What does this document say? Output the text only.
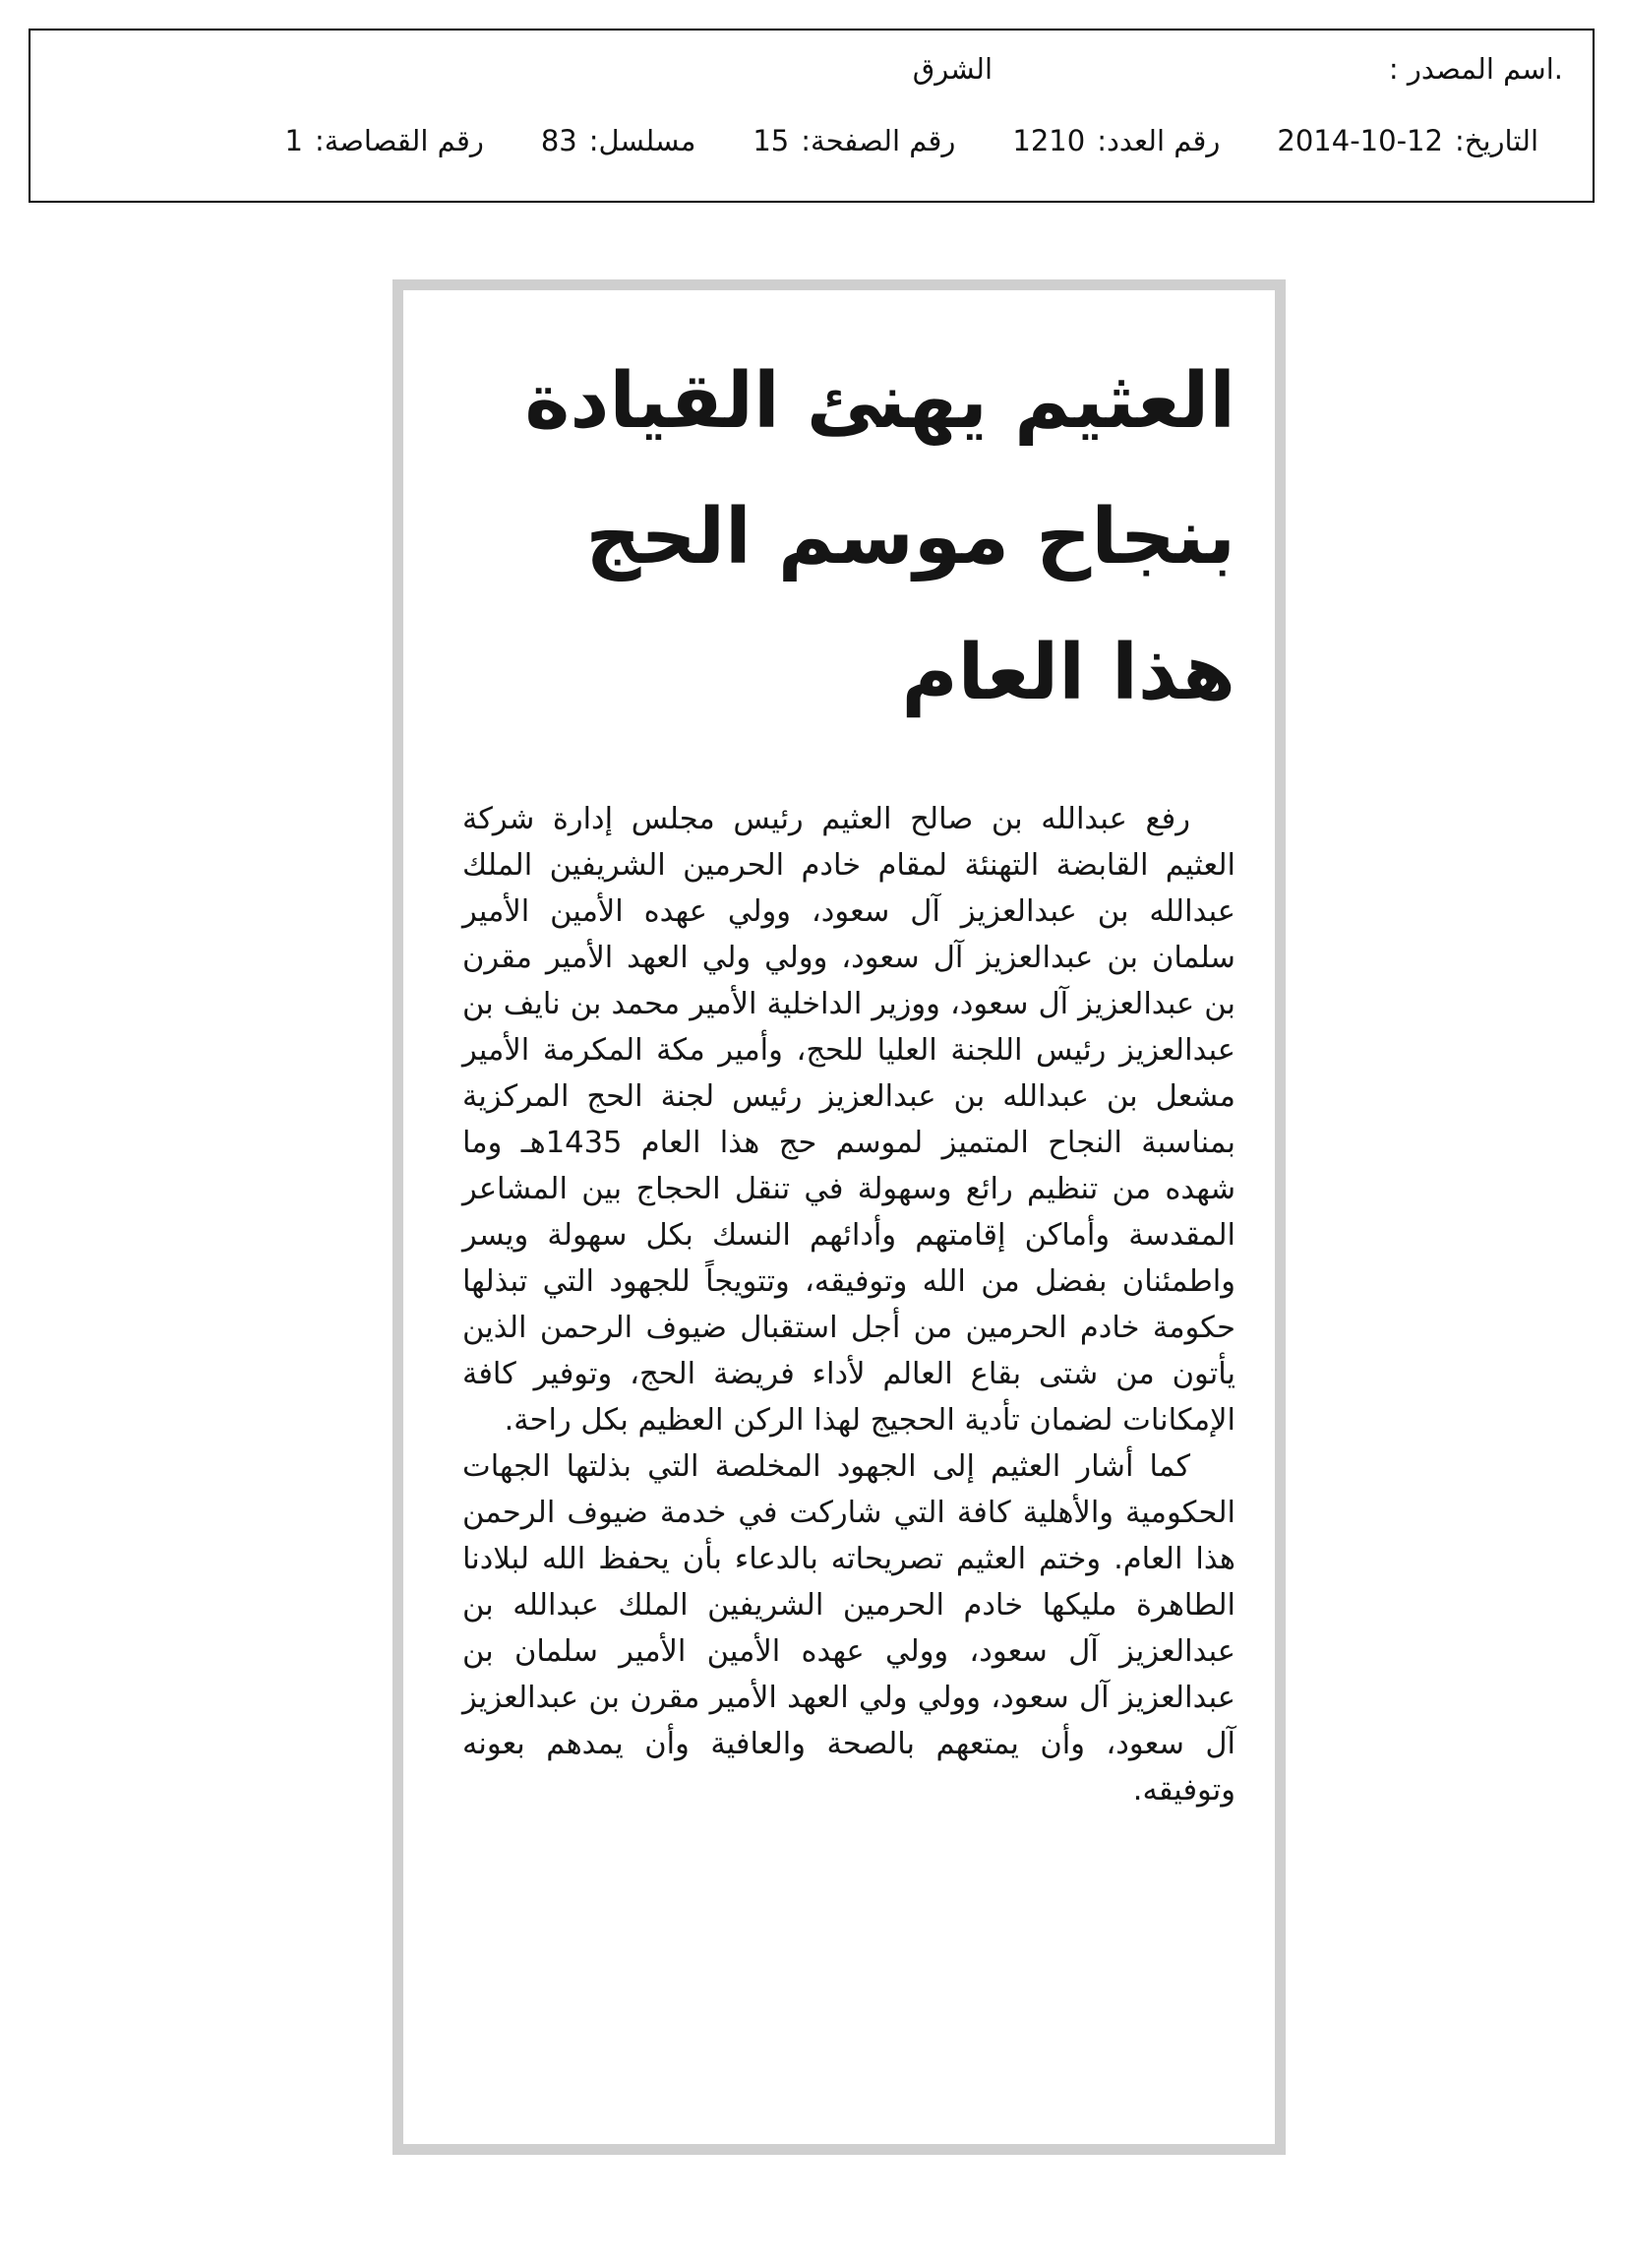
.اسم المصدر :
الشرق
التاريخ:
2014-10-12
رقم العدد:
1210
رقم الصفحة:
15
مسلسل:
83
رقم القصاصة:
1
العثيم يهنئ القيادة بنجاح موسم الحج هذا العام

رفع عبدالله بن صالح العثيم رئيس مجلس إدارة شركة العثيم القابضة التهنئة لمقام خادم الحرمين الشريفين الملك عبدالله بن عبدالعزيز آل سعود، وولي عهده الأمين الأمير سلمان بن عبدالعزيز آل سعود، وولي ولي العهد الأمير مقرن بن عبدالعزيز آل سعود، ووزير الداخلية الأمير محمد بن نايف بن عبدالعزيز رئيس اللجنة العليا للحج، وأمير مكة المكرمة الأمير مشعل بن عبدالله بن عبدالعزيز رئيس لجنة الحج المركزية بمناسبة النجاح المتميز لموسم حج هذا العام 1435هـ وما شهده من تنظيم رائع وسهولة في تنقل الحجاج بين المشاعر المقدسة وأماكن إقامتهم وأدائهم النسك بكل سهولة ويسر واطمئنان بفضل من الله وتوفيقه، وتتويجاً للجهود التي تبذلها حكومة خادم الحرمين من أجل استقبال ضيوف الرحمن الذين يأتون من شتى بقاع العالم لأداء فريضة الحج، وتوفير كافة الإمكانات لضمان تأدية الحجيج لهذا الركن العظيم بكل راحة.

كما أشار العثيم إلى الجهود المخلصة التي بذلتها الجهات الحكومية والأهلية كافة التي شاركت في خدمة ضيوف الرحمن هذا العام. وختم العثيم تصريحاته بالدعاء بأن يحفظ الله لبلادنا الطاهرة مليكها خادم الحرمين الشريفين الملك عبدالله بن عبدالعزيز آل سعود، وولي عهده الأمين الأمير سلمان بن عبدالعزيز آل سعود، وولي ولي العهد الأمير مقرن بن عبدالعزيز آل سعود، وأن يمتعهم بالصحة والعافية وأن يمدهم بعونه وتوفيقه.
